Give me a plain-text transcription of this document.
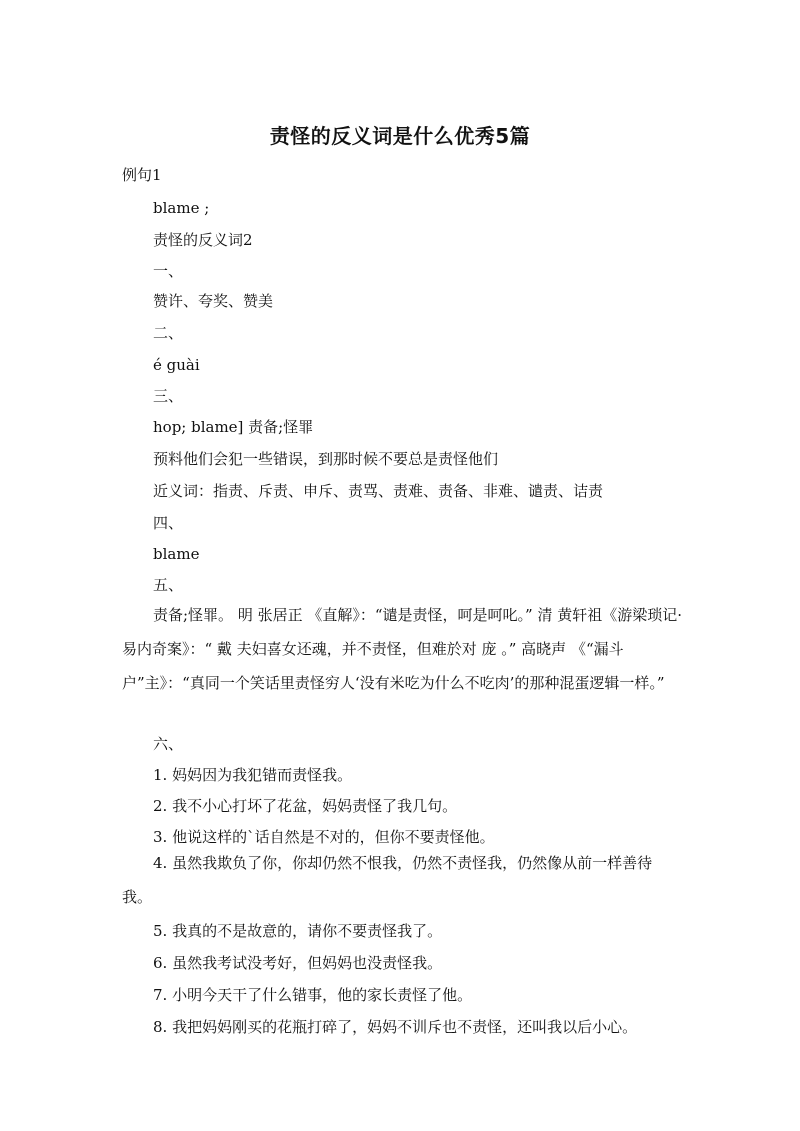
责怪的反义词是什么优秀5篇
例句1
blame ;
责怪的反义词2
一、
赞许、夸奖、赞美
二、
é guài
三、
hop; blame] 责备;怪罪
预料他们会犯一些错误，到那时候不要总是责怪他们
近义词：指责、斥责、申斥、责骂、责难、责备、非难、谴责、诘责
四、
blame
五、
责备;怪罪。 明 张居正 《直解》：“谴是责怪，呵是呵叱。” 清 黄轩祖《游梁琐记·易内奇案》：“ 戴 夫妇喜女还魂，并不责怪，但难於对 庞 。” 高晓声 《“漏斗户”主》：“真同一个笑话里责怪穷人‘没有米吃为什么不吃肉’的那种混蛋逻辑一样。”
六、
1. 妈妈因为我犯错而责怪我。
2. 我不小心打坏了花盆，妈妈责怪了我几句。
3. 他说这样的`话自然是不对的，但你不要责怪他。
4. 虽然我欺负了你，你却仍然不恨我，仍然不责怪我，仍然像从前一样善待我。
5. 我真的不是故意的，请你不要责怪我了。
6. 虽然我考试没考好，但妈妈也没责怪我。
7. 小明今天干了什么错事，他的家长责怪了他。
8. 我把妈妈刚买的花瓶打碎了，妈妈不训斥也不责怪，还叫我以后小心。
